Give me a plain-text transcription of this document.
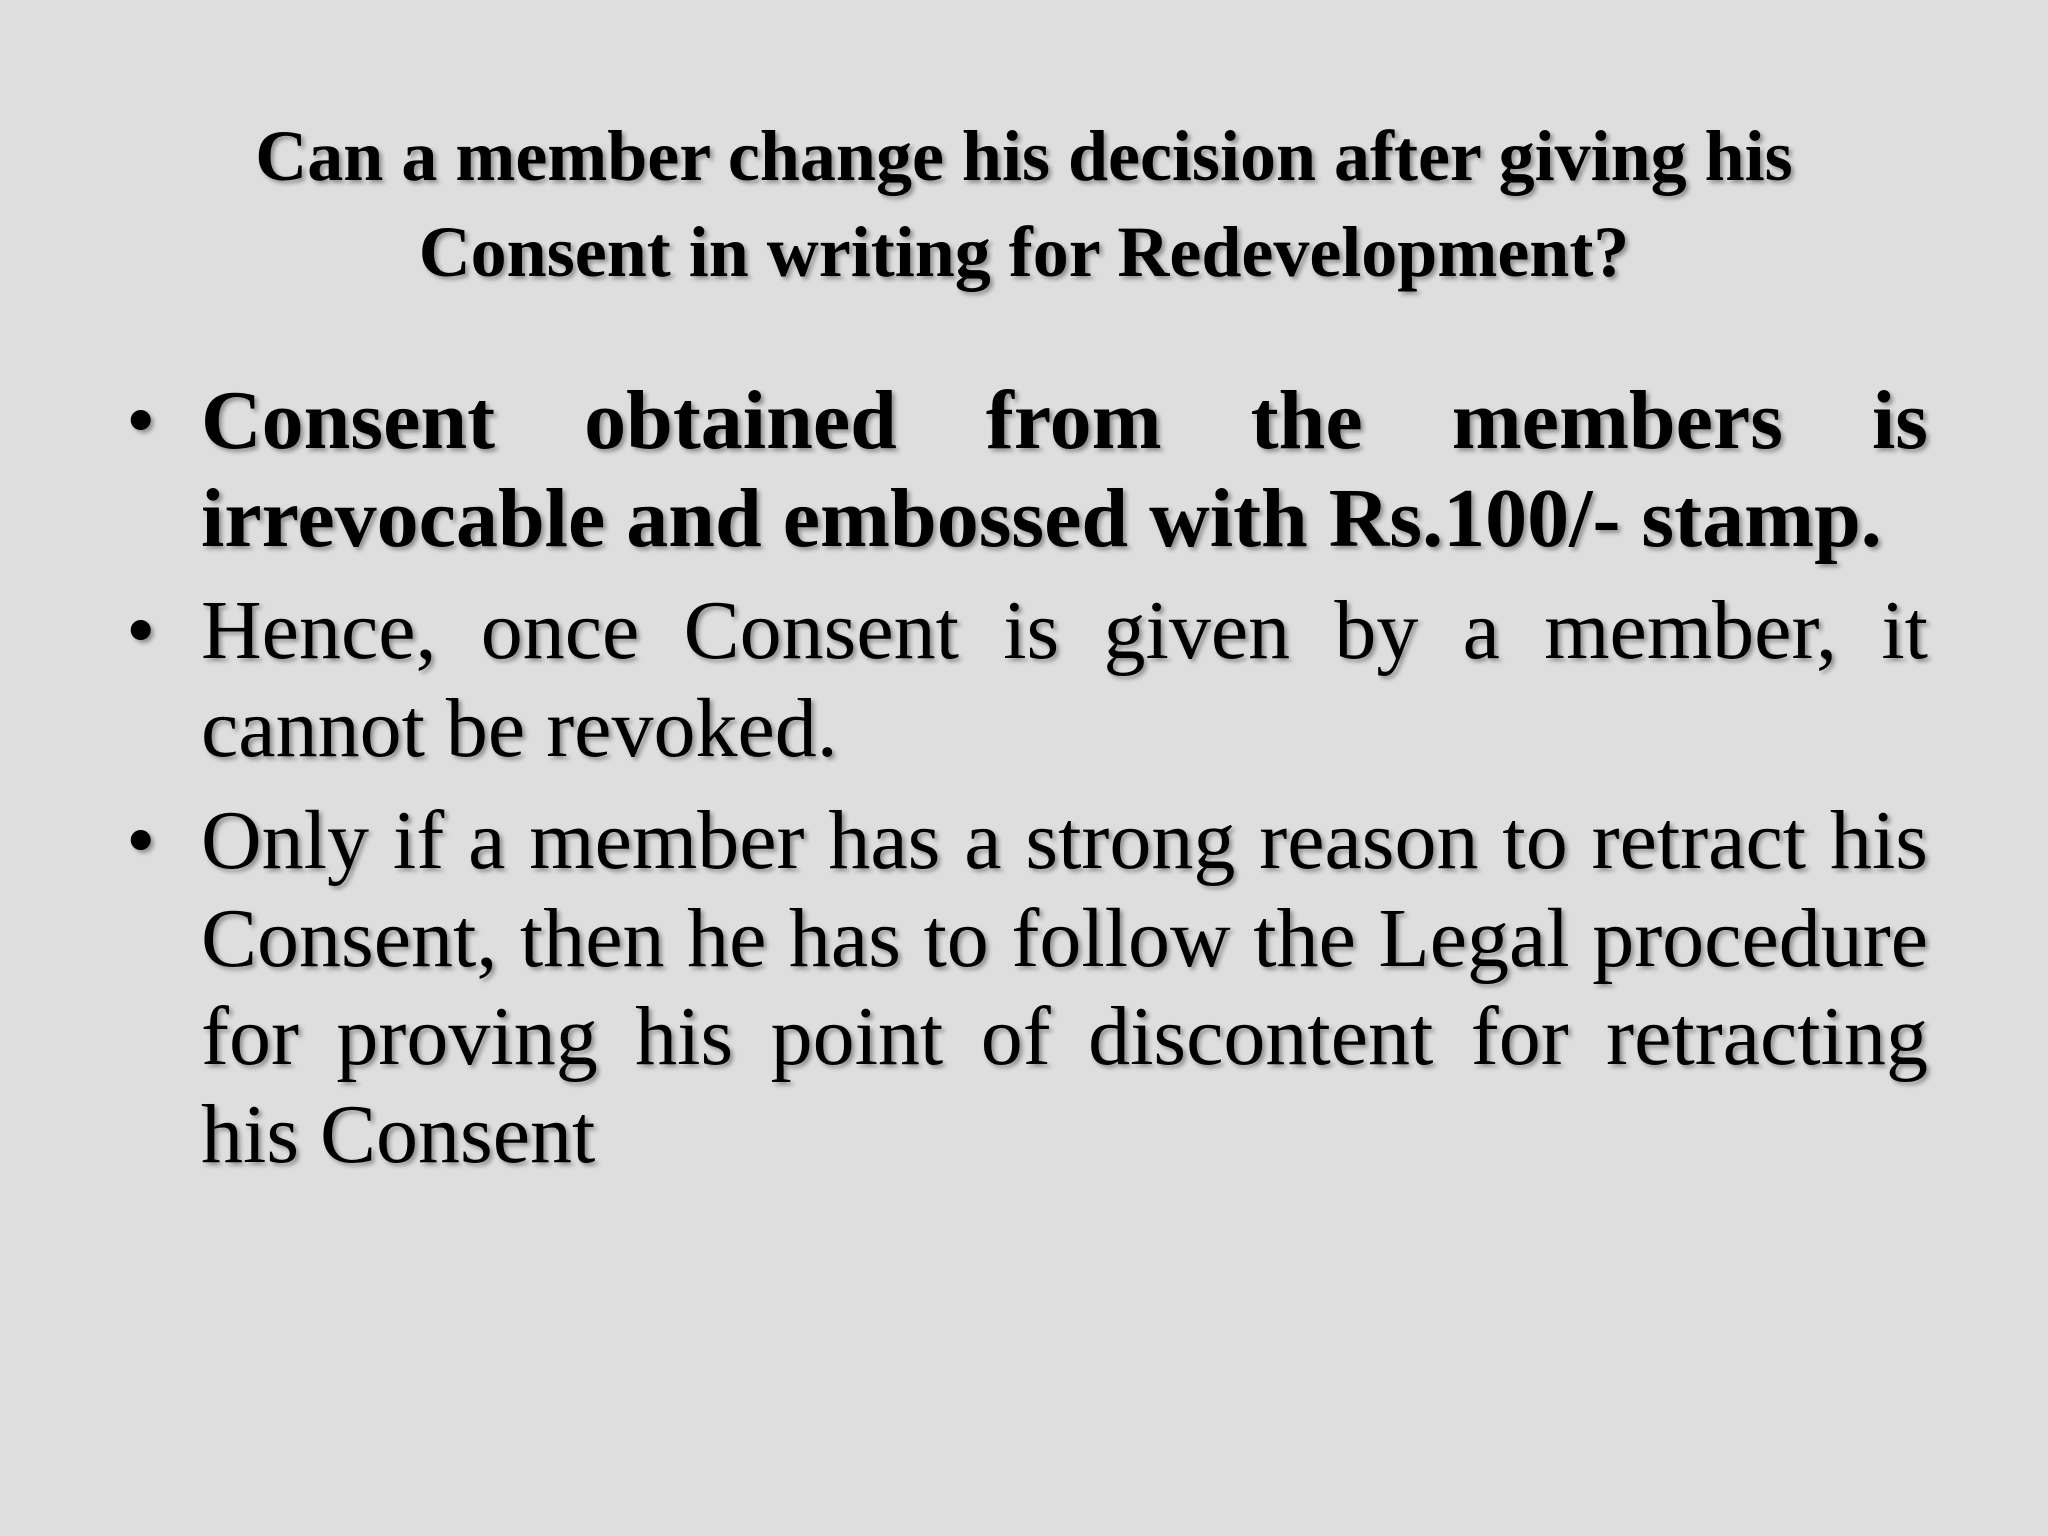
Can a member change his decision after giving his Consent in writing for Redevelopment?
• Consent obtained from the members is irrevocable and embossed with Rs.100/- stamp.
• Hence, once Consent is given by a member, it cannot be revoked.
• Only if a member has a strong reason to retract his Consent, then he has to follow the Legal procedure for proving his point of discontent for retracting his Consent
